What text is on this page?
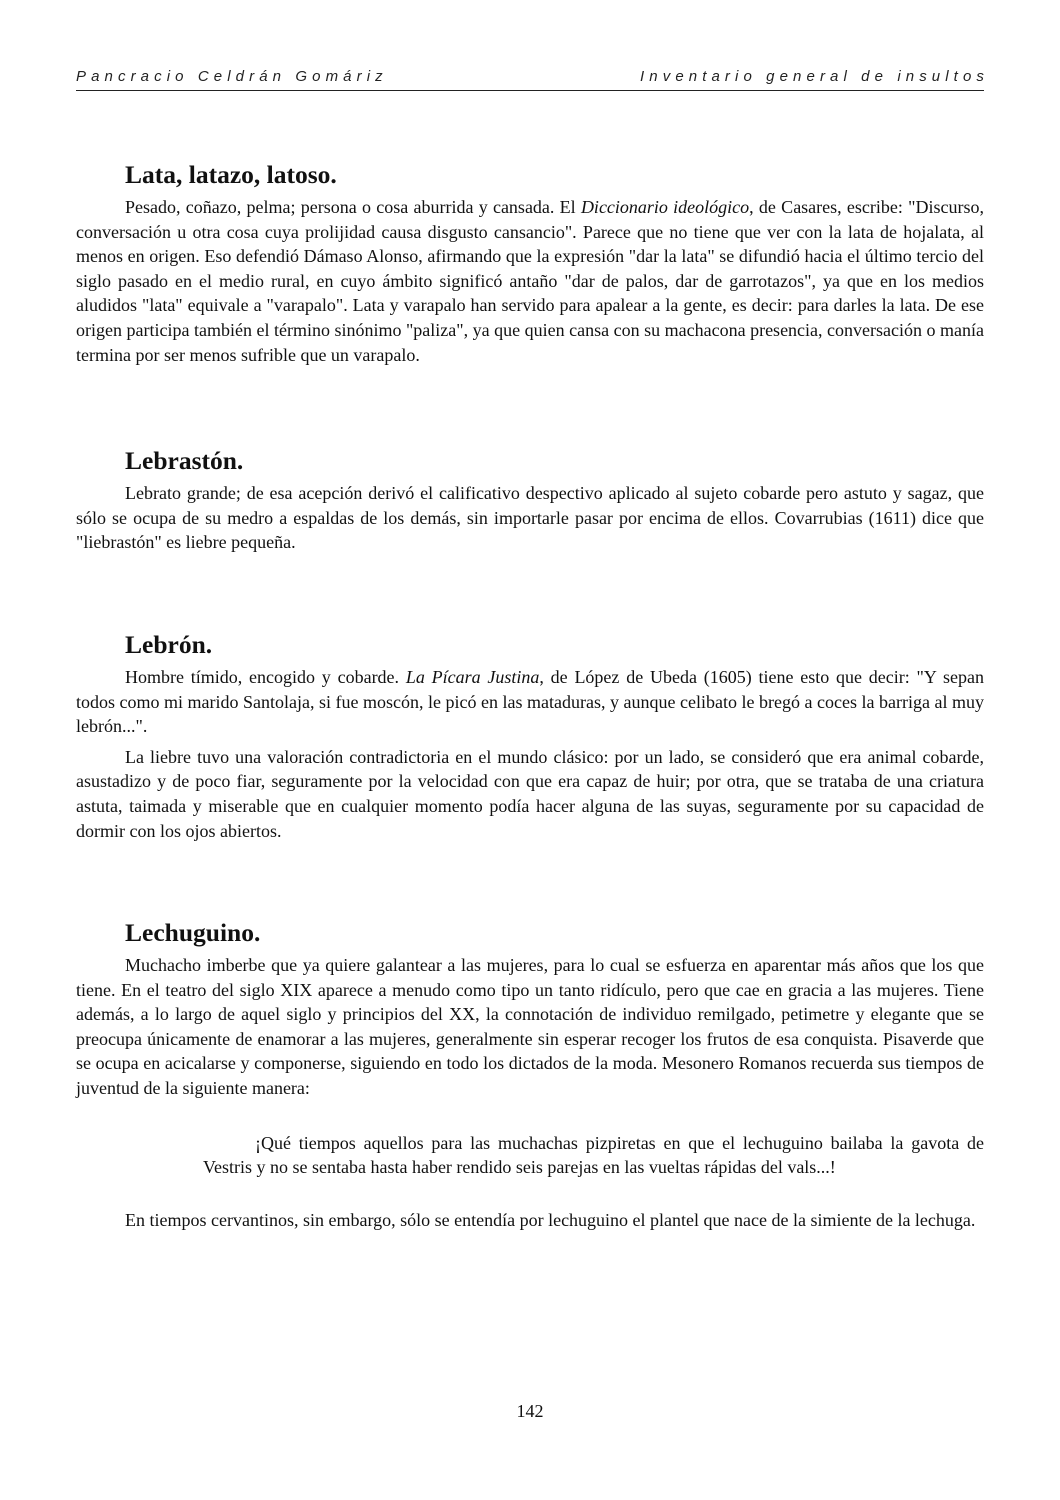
Pancracio Celdrán Gomáriz	Inventario general de insultos
Lata, latazo, latoso.

Pesado, coñazo, pelma; persona o cosa aburrida y cansada. El Diccionario ideológico, de Casares, escribe: "Discurso, conversación u otra cosa cuya prolijidad causa disgusto cansancio". Parece que no tiene que ver con la lata de hojalata, al menos en origen. Eso defendió Dámaso Alonso, afirmando que la expresión "dar la lata" se difundió hacia el último tercio del siglo pasado en el medio rural, en cuyo ámbito significó antaño "dar de palos, dar de garrotazos", ya que en los medios aludidos "lata" equivale a "varapalo". Lata y varapalo han servido para apalear a la gente, es decir: para darles la lata. De ese origen participa también el término sinónimo "paliza", ya que quien cansa con su machacona presencia, conversación o manía termina por ser menos sufrible que un varapalo.

Lebrastón.

Lebrato grande; de esa acepción derivó el calificativo despectivo aplicado al sujeto cobarde pero astuto y sagaz, que sólo se ocupa de su medro a espaldas de los demás, sin importarle pasar por encima de ellos. Covarrubias (1611) dice que "liebrastón" es liebre pequeña.

Lebrón.

Hombre tímido, encogido y cobarde. La Pícara Justina, de López de Ubeda (1605) tiene esto que decir: "Y sepan todos como mi marido Santolaja, si fue moscón, le picó en las mataduras, y aunque celibato le bregó a coces la barriga al muy lebrón...".

La liebre tuvo una valoración contradictoria en el mundo clásico: por un lado, se consideró que era animal cobarde, asustadizo y de poco fiar, seguramente por la velocidad con que era capaz de huir; por otra, que se trataba de una criatura astuta, taimada y miserable que en cualquier momento podía hacer alguna de las suyas, seguramente por su capacidad de dormir con los ojos abiertos.

Lechuguino.

Muchacho imberbe que ya quiere galantear a las mujeres, para lo cual se esfuerza en aparentar más años que los que tiene. En el teatro del siglo XIX aparece a menudo como tipo un tanto ridículo, pero que cae en gracia a las mujeres. Tiene además, a lo largo de aquel siglo y principios del XX, la connotación de individuo remilgado, petimetre y elegante que se preocupa únicamente de enamorar a las mujeres, generalmente sin esperar recoger los frutos de esa conquista. Pisaverde que se ocupa en acicalarse y componerse, siguiendo en todo los dictados de la moda. Mesonero Romanos recuerda sus tiempos de juventud de la siguiente manera:

¡Qué tiempos aquellos para las muchachas pizpiretas en que el lechuguino bailaba la gavota de Vestris y no se sentaba hasta haber rendido seis parejas en las vueltas rápidas del vals...!

En tiempos cervantinos, sin embargo, sólo se entendía por lechuguino el plantel que nace de la simiente de la lechuga.

142
